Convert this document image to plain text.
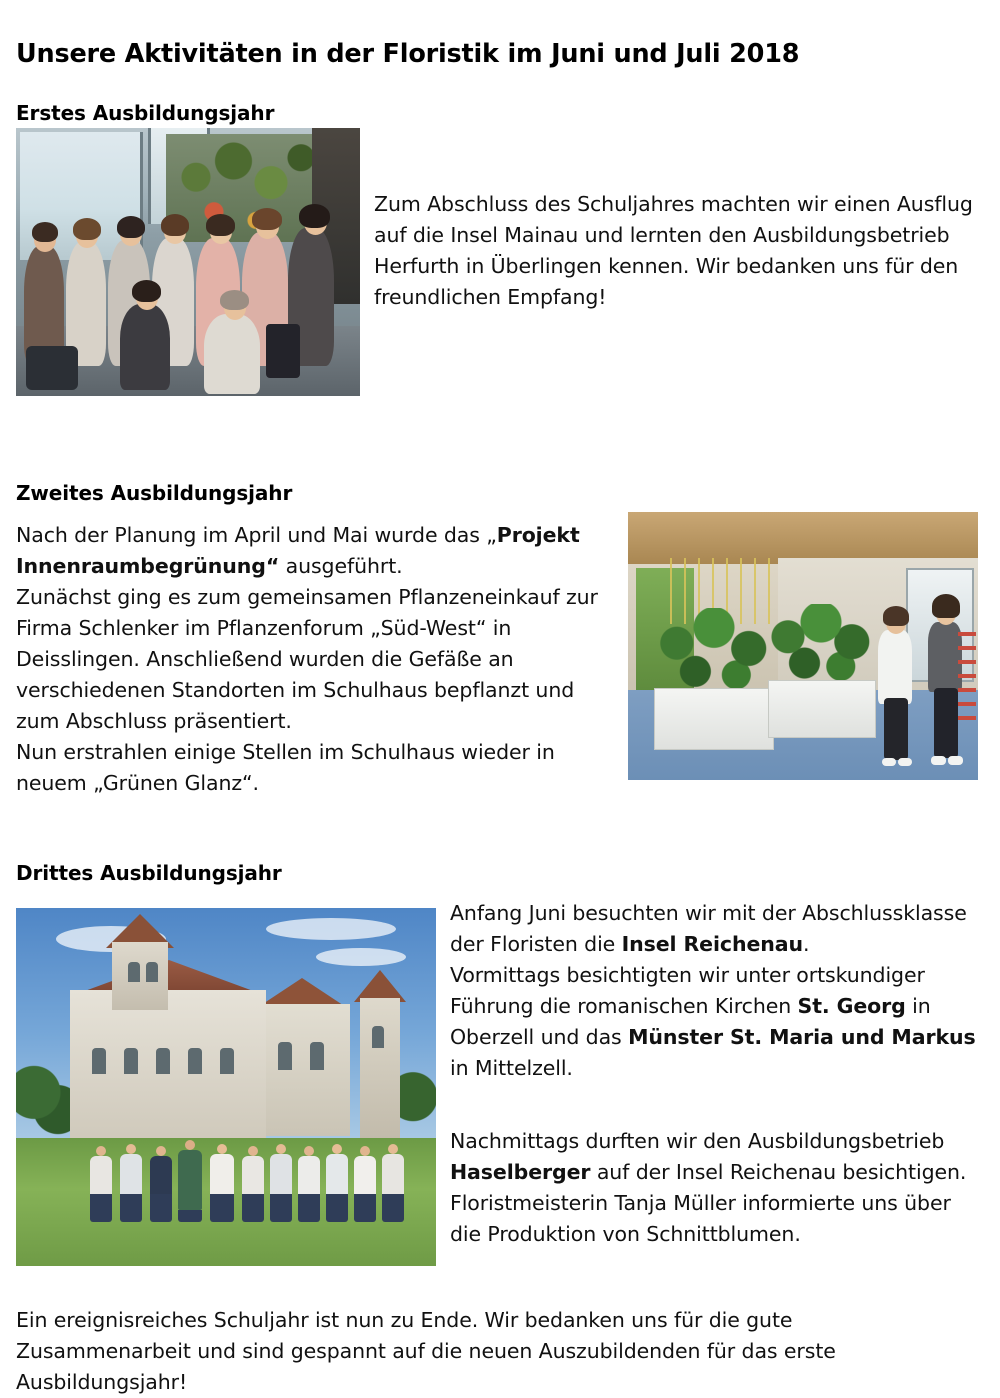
Unsere Aktivitäten in der Floristik im Juni und Juli 2018
Erstes Ausbildungsjahr

Zum Abschluss des Schuljahres machten wir einen Ausflug auf die Insel Mainau und lernten den Ausbildungsbetrieb Herfurth in Überlingen kennen. Wir bedanken uns für den freundlichen Empfang!

Zweites Ausbildungsjahr
Nach der Planung im April und Mai wurde das „Projekt Innenraumbegrünung“ ausgeführt.
Zunächst ging es zum gemeinsamen Pflanzeneinkauf zur Firma Schlenker im Pflanzenforum „Süd-West“ in Deisslingen. Anschließend wurden die Gefäße an verschiedenen Standorten im Schulhaus bepflanzt und zum Abschluss präsentiert.
Nun erstrahlen einige Stellen im Schulhaus wieder in neuem „Grünen Glanz“.
Drittes Ausbildungsjahr
Anfang Juni besuchten wir mit der Abschlussklasse der Floristen die Insel Reichenau.
Vormittags besichtigten wir unter ortskundiger Führung die romanischen Kirchen St. Georg in Oberzell und das Münster St. Maria und Markus in Mittelzell.
Nachmittags durften wir den Ausbildungsbetrieb Haselberger auf der Insel Reichenau besichtigen. Floristmeisterin Tanja Müller informierte uns über die Produktion von Schnittblumen.

Ein ereignisreiches Schuljahr ist nun zu Ende. Wir bedanken uns für die gute Zusammenarbeit und sind gespannt auf die neuen Auszubildenden für das erste Ausbildungsjahr!
